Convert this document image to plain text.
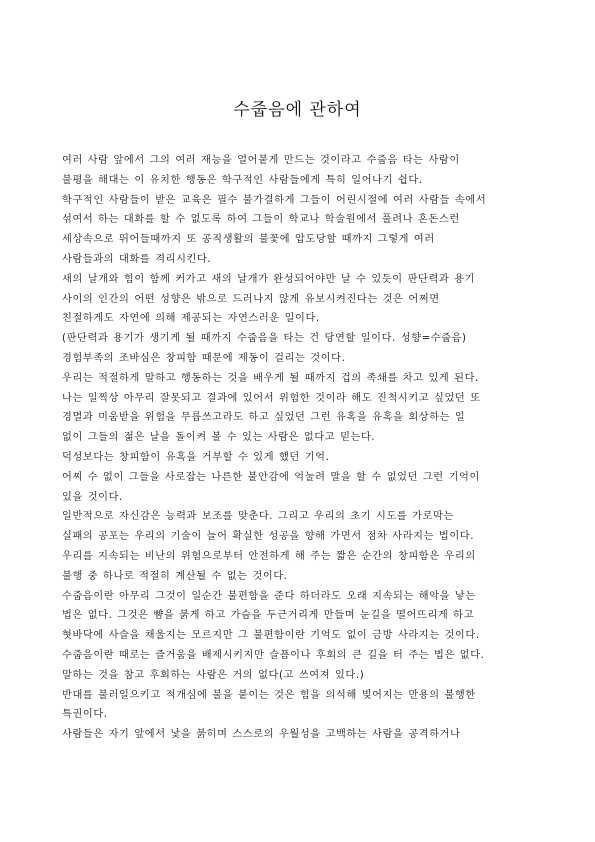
수줍음에 관하여
여러 사람 앞에서 그의 여러 재능을 얼어붙게 만드는 것이라고 수줍음 타는 사람이
불평을 해대는 이 유치한 행동은 학구적인 사람들에게 특히 일어나기 쉽다.
학구적인 사람들이 받은 교육은 필수 불가결하게 그들이 어린시절에 여러 사람들 속에서
섞여서 하는 대화를 할 수 없도록 하여 그들이 학교나 학술원에서 풀려나 혼돈스런
세상속으로 뛰어들때까지 또 공직생활의 불꽃에 압도당할 때까지 그렇게 여러
사람들과의 대화를 격리시킨다.
새의 날개와 힘이 함께 커가고 새의 날개가 완성되어야만 날 수 있듯이 판단력과 용기
사이의 인간의 어떤 성향은 밖으로 드러나지 않게 유보시켜진다는 것은 어쩌면
친절하게도 자연에 의해 제공되는 자연스러운 일이다.
(판단력과 용기가 생기게 될 때까지 수줍음을 타는 건 당연할 일이다. 성향=수줍음)
경험부족의 조바심은 창피함 때문에 제동이 걸리는 것이다.
우리는 적절하게 말하고 행동하는 것을 배우게 될 때까지 겁의 족쇄를 차고 있게 된다.
나는 일찍상 아무리 잘못되고 결과에 있어서 위험한 것이라 해도 진척시키고 싶었던 또
경멸과 미움받을 위험을 무릅쓰고라도 하고 싶었던 그런 유혹을 유혹을 회상하는 일
없이 그들의 젊은 날을 돌이켜 볼 수 있는 사람은 없다고 믿는다.
덕성보다는 창피함이 유혹을 거부할 수 있게 했던 기억.
어찌 수 없이 그들을 사로잡는 나른한 불안감에 억눌려 말을 할 수 없었던 그런 기억이
있을 것이다.
일반적으로 자신감은 능력과 보조를 맞춘다. 그리고 우리의 초기 시도를 가로막는
실패의 공포는 우리의 기술이 늘어 확실한 성공을 향해 가면서 점차 사라지는 법이다.
우리를 지속되는 비난의 위험으로부터 안전하게 해 주는 짧은 순간의 창피함은 우리의
불행 중 하나로 적절히 계산될 수 없는 것이다.
수줍음이란 아무리 그것이 일순간 불편함을 준다 하더라도 오래 지속되는 해악을 낳는
법은 없다. 그것은 뺨을 붉게 하고 가슴을 두근거리게 만들며 눈길을 떨어뜨리게 하고
혓바닥에 사슬을 채울지는 모르지만 그 불편함이란 기억도 없이 금방 사라지는 것이다.
수줍음이란 때로는 즐거움을 배제시키지만 슬픔이나 후회의 큰 길을 터 주는 법은 없다.
말하는 것을 참고 후회하는 사람은 거의 없다(고 쓰여져 있다.)
반대를 불러일으키고 적개심에 불을 붙이는 것은 힘을 의식해 빚어지는 만용의 불행한
특권이다.
사람들은 자기 앞에서 낯을 붉히며 스스로의 우월성을 고백하는 사람을 공격하거나
